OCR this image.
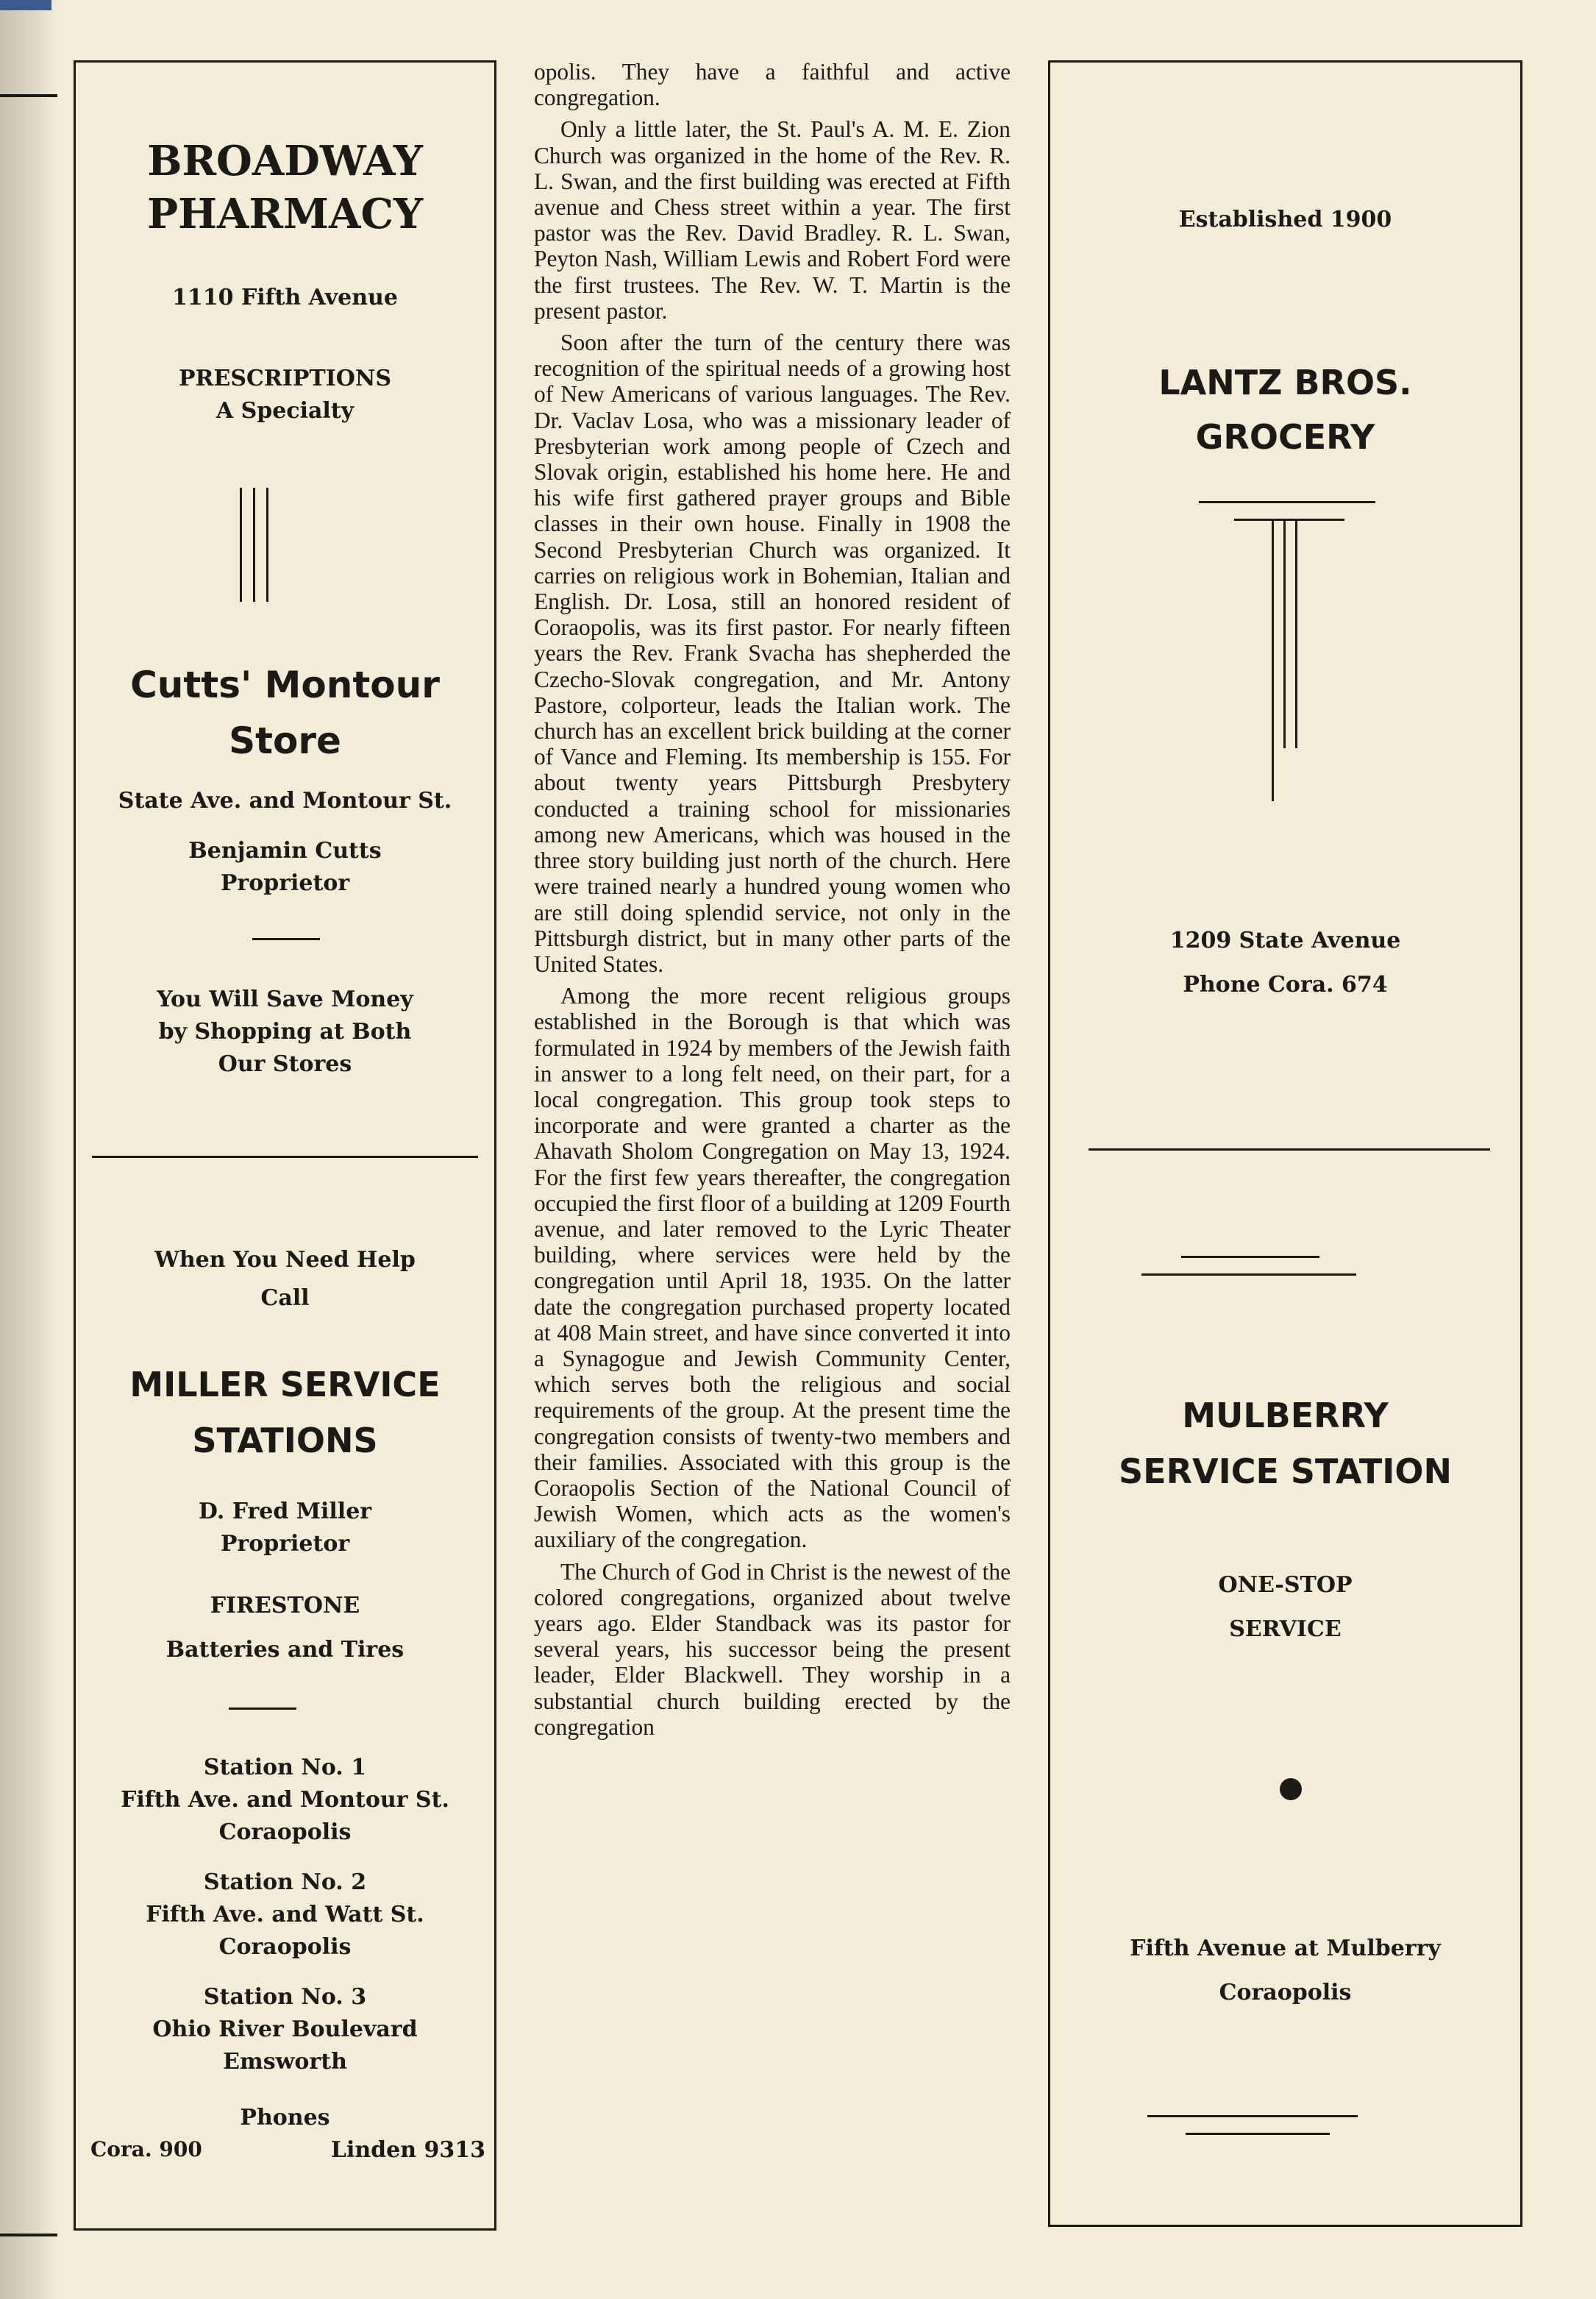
BROADWAY
PHARMACY
1110 Fifth Avenue
PRESCRIPTIONS
A Specialty
Cutts' Montour
Store
State Ave. and Montour St.
Benjamin Cutts
Proprietor
You Will Save Money
by Shopping at Both
Our Stores
When You Need Help
Call
MILLER SERVICE
STATIONS
D. Fred Miller
Proprietor
FIRESTONE
Batteries and Tires
Station No. 1
Fifth Ave. and Montour St.
Coraopolis
Station No. 2
Fifth Ave. and Watt St.
Coraopolis
Station No. 3
Ohio River Boulevard
Emsworth
Phones
Cora. 900	Linden 9313

opolis. They have a faithful and active congregation.

Only a little later, the St. Paul's A. M. E. Zion Church was organized in the home of the Rev. R. L. Swan, and the first building was erected at Fifth avenue and Chess street within a year. The first pastor was the Rev. David Bradley. R. L. Swan, Peyton Nash, William Lewis and Robert Ford were the first trustees. The Rev. W. T. Martin is the present pastor.

Soon after the turn of the century there was recognition of the spiritual needs of a growing host of New Americans of various languages. The Rev. Dr. Vaclav Losa, who was a missionary leader of Presbyterian work among people of Czech and Slovak origin, established his home here. He and his wife first gathered prayer groups and Bible classes in their own house. Finally in 1908 the Second Presbyterian Church was organized. It carries on religious work in Bohemian, Italian and English. Dr. Losa, still an honored resident of Coraopolis, was its first pastor. For nearly fifteen years the Rev. Frank Svacha has shepherded the Czecho-Slovak congregation, and Mr. Antony Pastore, colporteur, leads the Italian work. The church has an excellent brick building at the corner of Vance and Fleming. Its membership is 155. For about twenty years Pittsburgh Presbytery conducted a training school for missionaries among new Americans, which was housed in the three story building just north of the church. Here were trained nearly a hundred young women who are still doing splendid service, not only in the Pittsburgh district, but in many other parts of the United States.

Among the more recent religious groups established in the Borough is that which was formulated in 1924 by members of the Jewish faith in answer to a long felt need, on their part, for a local congregation. This group took steps to incorporate and were granted a charter as the Ahavath Sholom Congregation on May 13, 1924. For the first few years thereafter, the congregation occupied the first floor of a building at 1209 Fourth avenue, and later removed to the Lyric Theater building, where services were held by the congregation until April 18, 1935. On the latter date the congregation purchased property located at 408 Main street, and have since converted it into a Synagogue and Jewish Community Center, which serves both the religious and social requirements of the group. At the present time the congregation consists of twenty-two members and their families. Associated with this group is the Coraopolis Section of the National Council of Jewish Women, which acts as the women's auxiliary of the congregation.

The Church of God in Christ is the newest of the colored congregations, organized about twelve years ago. Elder Standback was its pastor for several years, his successor being the present leader, Elder Blackwell. They worship in a substantial church building erected by the congregation

Established 1900
LANTZ BROS.
GROCERY
1209 State Avenue
Phone Cora. 674
MULBERRY
SERVICE STATION
ONE-STOP
SERVICE
Fifth Avenue at Mulberry
Coraopolis
